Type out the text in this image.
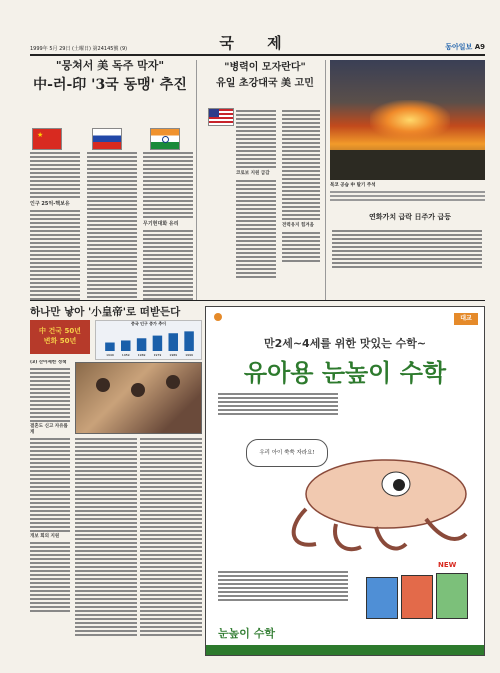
1999年 5月 29日 (土曜日) 第24145號 (9)	국 제	동아일보 A9
"뭉쳐서 美 독주 막자"
中-러-印 '3국 동맹' 추진
★
인구 25억-핵보유
무기현대화 유리
"병력이 모자란다"
유일 초강대국 美 고민
코로보 지원 급감
전력유지 힘겨움
북코 공습 中 탈기 주석
연화가치 급락 日주가 급등
하나만 낳아 '小皇帝'로 떠받든다
中 건국 50년
변화 50년
중국 인구 증가 추이
1949	1959	1969	1979	1989	1999
(3) 산아제한 정책
결혼도 신고 자유롭게
개보 회의 지원
대교
만2세~4세를 위한 맛있는 수학~
유아용 눈높이 수학
우리 아이 쑥쑥 자라요!
NEW
눈높이 수학
